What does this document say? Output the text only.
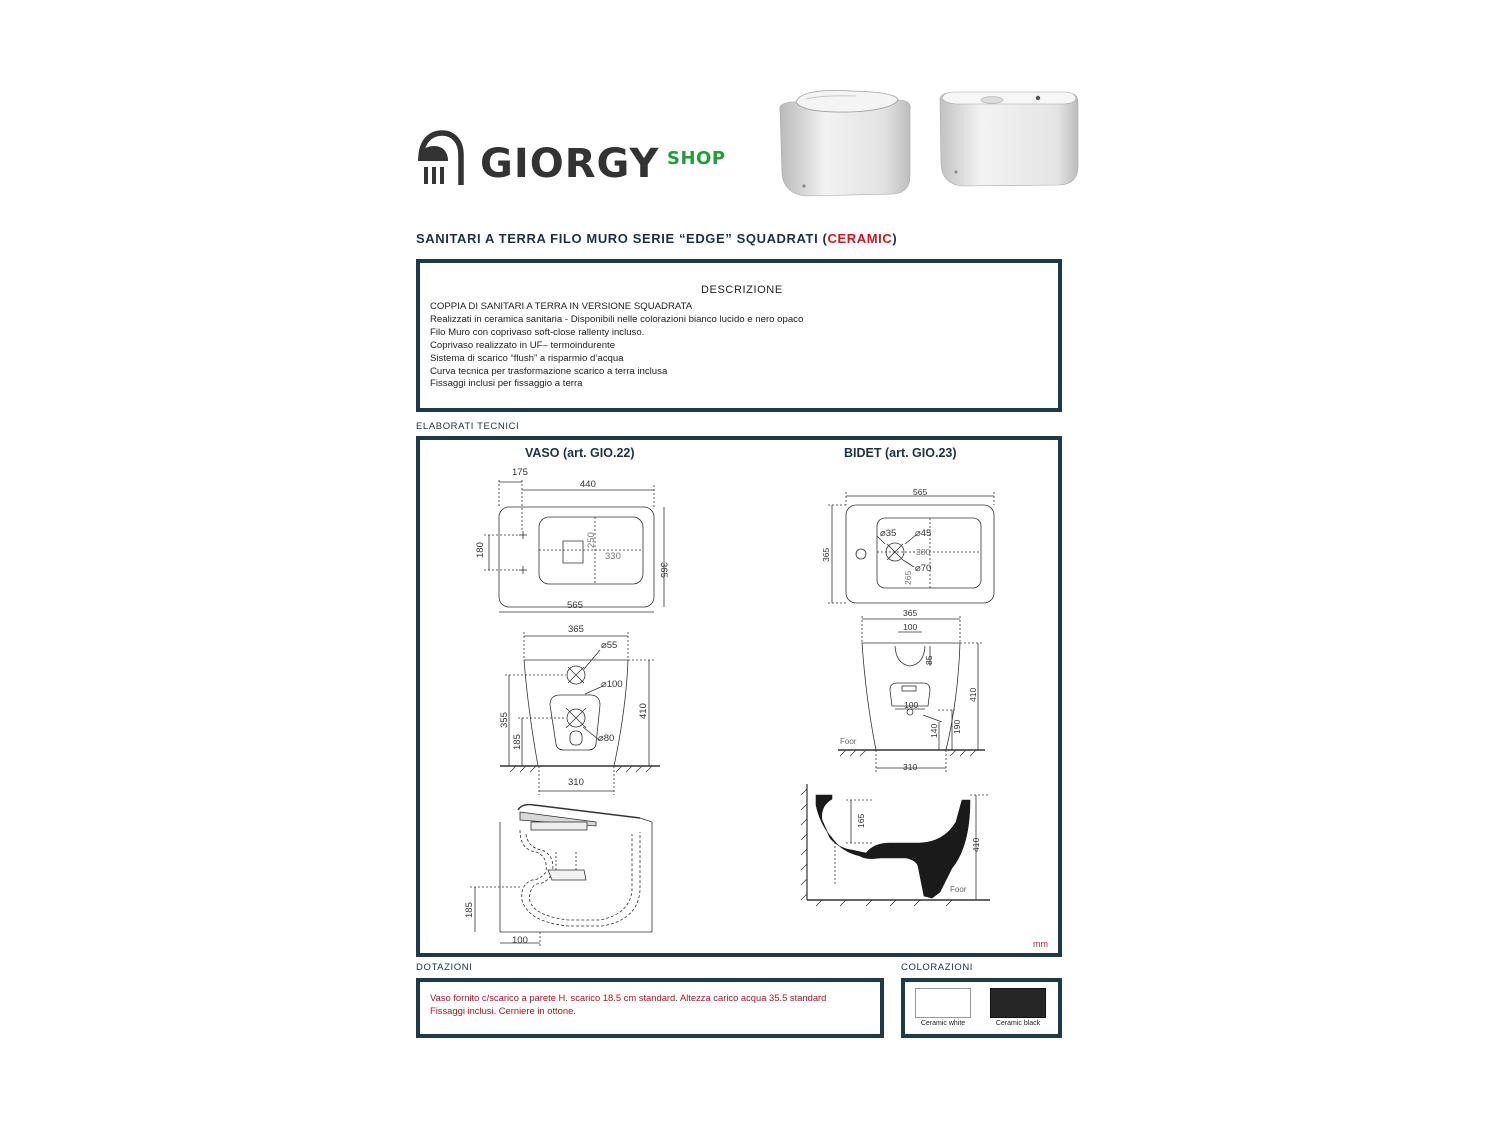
GIORGY SHOP
SANITARI A TERRA FILO MURO SERIE “EDGE” SQUADRATI (CERAMIC)
DESCRIZIONE
COPPIA DI SANITARI A TERRA IN VERSIONE SQUADRATA
Realizzati in ceramica sanitaria - Disponibili nelle colorazioni bianco lucido e nero opaco
Filo Muro con coprivaso soft-close rallenty incluso.
Coprivaso realizzato in UF– termoindurente
Sistema di scarico “flush” a risparmio d’acqua
Curva tecnica per trasformazione scarico a terra inclusa
Fissaggi inclusi per fissaggio a terra
ELABORATI TECNICI
VASO (art. GIO.22)	BIDET (art. GIO.23)
175
440
180
365
565
250
330
365
⌀55
⌀100
⌀80
410
355
185
310
185
100
565
365
⌀35 ⌀45
380
265
⌀70
365
100
85
410
100
190
140
Foor
310
165
410
Foor
mm
DOTAZIONI
Vaso fornito c/scarico a parete H. scarico 18.5 cm standard. Altezza carico acqua 35.5 standard
Fissaggi inclusi. Cerniere in ottone.
COLORAZIONI
Ceramic white	Ceramic black
